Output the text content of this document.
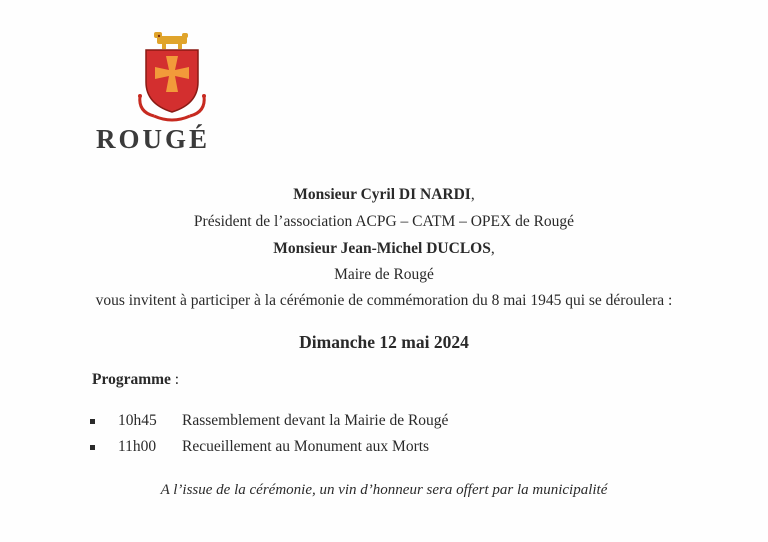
ROUGÉ
Monsieur Cyril DI NARDI,
Président de l’association ACPG – CATM – OPEX de Rougé
Monsieur Jean-Michel DUCLOS,
Maire de Rougé
vous invitent à participer à la cérémonie de commémoration du 8 mai 1945 qui se déroulera :
Dimanche 12 mai 2024
Programme :
10h45 Rassemblement devant la Mairie de Rougé
11h00 Recueillement au Monument aux Morts
A l’issue de la cérémonie, un vin d’honneur sera offert par la municipalité
